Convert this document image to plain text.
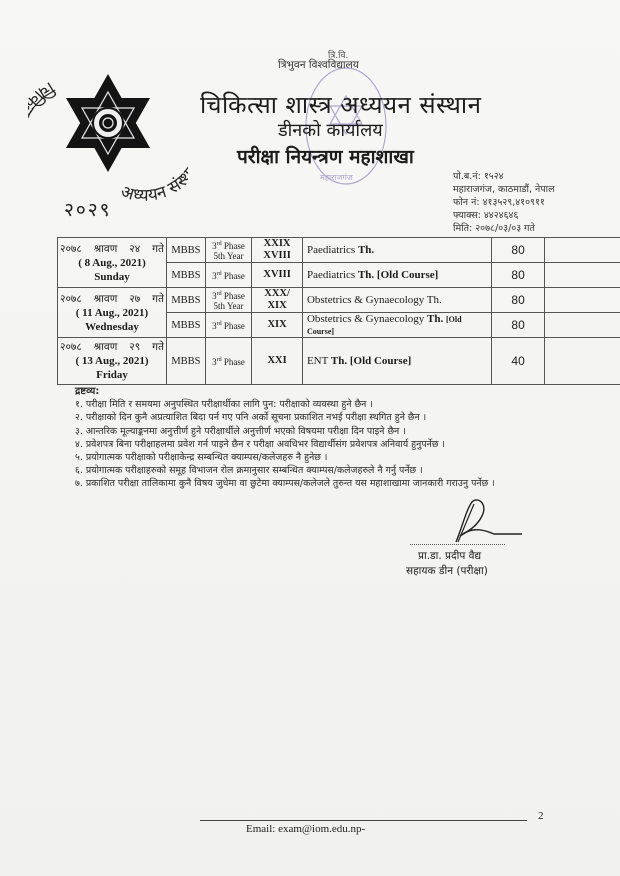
चि
अध्ययन सं
२०२९
महाराजगंज
त्रि.वि.
त्रिभुवन विश्वविद्यालय
चिकित्सा शास्त्र अध्ययन संस्थान
डीनको कार्यालय
परीक्षा नियन्त्रण महाशाखा
पो.ब.नं: १५२४
महाराजगंज, काठमाडौं, नेपाल
फोन नं: ४१३५२९,४१०९११
फ्याक्स: ४४२४६४६
मिति: २०७८/०३/०३ गते
२०७८ श्रावण २४ गते
( 8 Aug., 2021) Sunday
	MBBS	3rd Phase
5th Year	XXIX
XVIII	Paediatrics Th.	80	
MBBS	3rd Phase	XVIII	Paediatrics Th. [Old Course]	80	

२०७८ श्रावण २७ गते
( 11 Aug., 2021) Wednesday
	MBBS	3rd Phase
5th Year	XXX/
XIX	Obstetrics & Gynaecology Th.	80	
MBBS	3rd Phase	XIX	Obstetrics & Gynaecology Th. [Old Course]	80	

२०७८ श्रावण २९ गते
( 13 Aug., 2021) Friday
	MBBS	3rd Phase	XXI	ENT Th. [Old Course]	40	
द्रष्टव्य:
१. परीक्षा मिति र समयमा अनुपस्थित परीक्षार्थीका लागि पुन: परीक्षाको व्यवस्था हुने छैन ।
२. परीक्षाको दिन कुनै अप्रत्याशित बिदा पर्न गए पनि अर्को सूचना प्रकाशित नभई परीक्षा स्थगित हुने छैन ।
३. आन्तरिक मूल्याङ्कनमा अनुत्तीर्ण हुने परीक्षार्थीले अनुत्तीर्ण भएको विषयमा परीक्षा दिन पाइने छैन ।
४. प्रवेशपत्र बिना परीक्षाहलमा प्रवेश गर्न पाइने छैन र परीक्षा अवधिभर विद्यार्थीसंग प्रवेशपत्र अनिवार्य हुनुपर्नेछ ।
५. प्रयोगात्मक परीक्षाको परीक्षाकेन्द्र सम्बन्धित क्याम्पस/कलेजहरु नै हुनेछ ।
६. प्रयोगात्मक परीक्षाहरुको समूह विभाजन रोल क्रमानुसार सम्बन्धित क्याम्पस/कलेजहरुले नै गर्नु पर्नेछ ।
७. प्रकाशित परीक्षा तालिकामा कुनै विषय जुधेमा वा छुटेमा क्याम्पस/कलेजले तुरुन्त यस महाशाखामा जानकारी गराउनु पर्नेछ ।
प्रा.डा. प्रदीप वैद्य
सहायक डीन (परीक्षा)
2
Email: exam@iom.edu.np-
